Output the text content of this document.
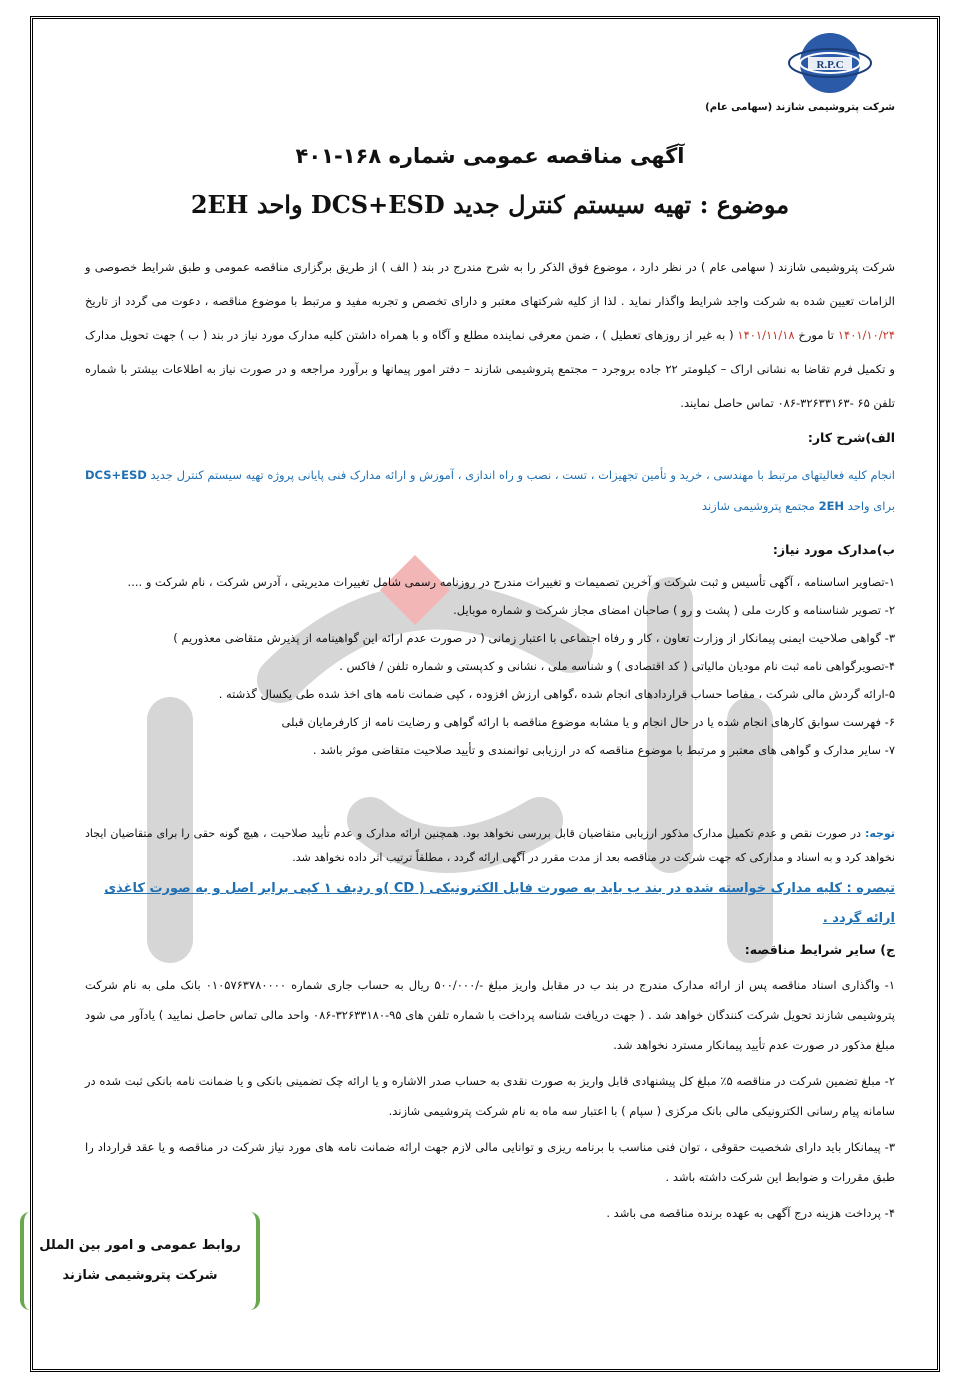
R.P.C
شرکت پتروشیمی شازند (سهامی عام)
آگهی مناقصه عمومی شماره ۱۶۸-۴۰۱
موضوع : تهیه سیستم کنترل جدید DCS+ESD واحد 2EH
شرکت پتروشیمی شازند ( سهامی عام ) در نظر دارد ، موضوع فوق الذکر را به شرح مندرج در بند ( الف ) از طریق برگزاری مناقصه عمومی و طبق شرایط خصوصی و الزامات تعیین شده به شرکت واجد شرایط واگذار نماید . لذا از کلیه شرکتهای معتبر و دارای تخصص و تجربه مفید و مرتبط با موضوع مناقصه ، دعوت می گردد از تاریخ ۱۴۰۱/۱۰/۲۴ تا مورخ ۱۴۰۱/۱۱/۱۸ ( به غیر از روزهای تعطیل ) ، ضمن معرفی نماینده مطلع و آگاه و با همراه داشتن کلیه مدارک مورد نیاز در بند ( ب ) جهت تحویل مدارک و تکمیل فرم تقاضا به نشانی اراک – کیلومتر ۲۲ جاده بروجرد – مجتمع پتروشیمی شازند – دفتر امور پیمانها و برآورد مراجعه و در صورت نیاز به اطلاعات بیشتر با شماره تلفن ۶۵ -۳۲۶۳۳۱۶۳-۰۸۶ تماس حاصل نمایند.
الف)شرح کار:
انجام کلیه فعالیتهای مرتبط با مهندسی ، خرید و تأمین تجهیزات ، تست ، نصب و راه اندازی ، آموزش و ارائه مدارک فنی پایانی پروژه تهیه سیستم کنترل جدید DCS+ESD برای واحد 2EH مجتمع پتروشیمی شازند
ب)مدارک مورد نیاز:

۱-تصاویر اساسنامه ، آگهی تأسیس و ثبت شرکت و آخرین تصمیمات و تغییرات مندرج در روزنامه رسمی شامل تغییرات مدیریتی ، آدرس شرکت ، نام شرکت و ....

۲- تصویر شناسنامه و کارت ملی ( پشت و رو ) صاحبان امضای مجاز شرکت و شماره موبایل.

۳- گواهی صلاحیت ایمنی پیمانکار از وزارت تعاون ، کار و رفاه اجتماعی با اعتبار زمانی ( در صورت عدم ارائه این گواهینامه از پذیرش متقاضی معذوریم )

۴-تصویرگواهی نامه ثبت نام مودیان مالیاتی ( کد اقتصادی ) و شناسه ملی ، نشانی و کدپستی و شماره تلفن / فاکس .

۵-ارائه گردش مالی شرکت ، مفاصا حساب قراردادهای انجام شده ،گواهی ارزش افزوده ، کپی ضمانت نامه های اخذ شده طی یکسال گذشته .

۶- فهرست سوابق کارهای انجام شده یا در حال انجام و یا مشابه موضوع مناقصه با ارائه گواهی و رضایت نامه از کارفرمایان قبلی

۷- سایر مدارک و گواهی های معتبر و مرتبط با موضوع مناقصه که در ارزیابی توانمندی و تأیید صلاحیت متقاضی موثر باشد .

توجه: در صورت نقص و عدم تکمیل مدارک مذکور ارزیابی متقاضیان قابل بررسی نخواهد بود. همچنین ارائه مدارک و عدم تأیید صلاحیت ، هیچ گونه حقی را برای متقاضیان ایجاد نخواهد کرد و به اسناد و مدارکی که جهت شرکت در مناقصه بعد از مدت مقرر در آگهی ارائه گردد ، مطلقاً ترتیب اثر داده نخواهد شد.
تبصره : کلیه مدارک خواسته شده در بند ب باید به صورت فایل الکترونیکی ( CD )و ردیف ۱ کپی برابر اصل و به صورت کاغذی ارائه گردد .
ج) سایر شرایط مناقصه:
۱- واگذاری اسناد مناقصه پس از ارائه مدارک مندرج در بند ب در مقابل واریز مبلغ -/۵۰۰/۰۰۰ ریال به حساب جاری شماره ۰۱۰۵۷۶۳۷۸۰۰۰۰ بانک ملی به نام شرکت پتروشیمی شازند تحویل شرکت کنندگان خواهد شد . ( جهت دریافت شناسه پرداخت با شماره تلفن های ۹۵-۳۲۶۳۳۱۸۰-۰۸۶ واحد مالی تماس حاصل نمایید ) یادآور می شود مبلغ مذکور در صورت عدم تأیید پیمانکار مسترد نخواهد شد.
۲- مبلغ تضمین شرکت در مناقصه ۵٪ مبلغ کل پیشنهادی قابل واریز به صورت نقدی به حساب صدر الاشاره و یا ارائه چک تضمینی بانکی و یا ضمانت نامه بانکی ثبت شده در سامانه پیام رسانی الکترونیکی مالی بانک مرکزی ( سپام ) با اعتبار سه ماه به نام شرکت پتروشیمی شازند.
۳- پیمانکار باید دارای شخصیت حقوقی ، توان فنی مناسب با برنامه ریزی و توانایی مالی لازم جهت ارائه ضمانت نامه های مورد نیاز شرکت در مناقصه و یا عقد قرارداد را طبق مقررات و ضوابط این شرکت داشته باشد .
۴- پرداخت هزینه درج آگهی به عهده برنده مناقصه می باشد .
روابط عمومی و امور بین الملل
شرکت پتروشیمی شازند
